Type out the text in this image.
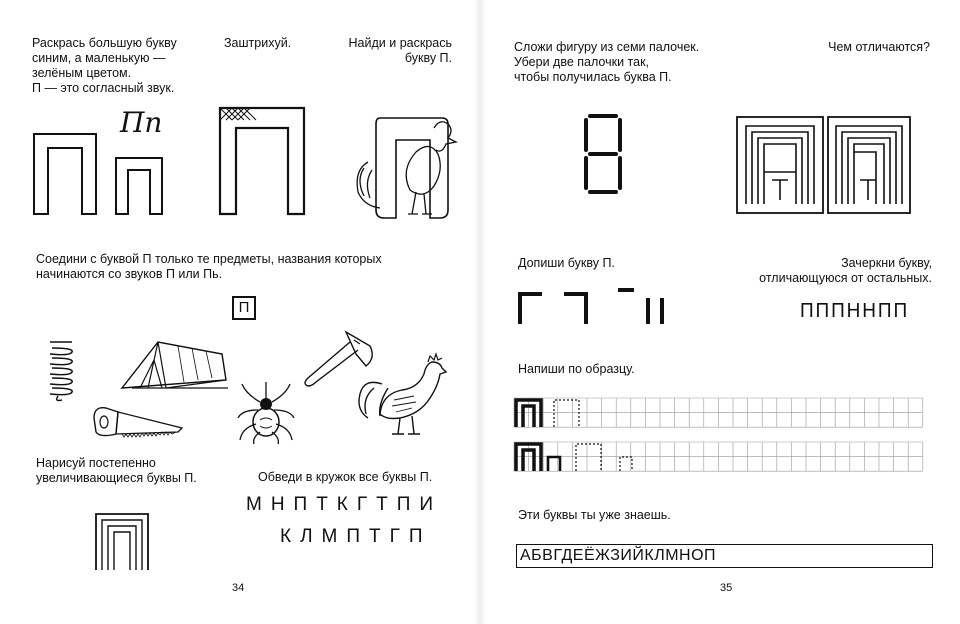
Раскрась большую букву
синим, а маленькую —
зелёным цветом.
П — это согласный звук.
Заштрихуй.	Найди и раскрась
букву П.
Пп
Соедини с буквой П только те предметы, названия которых
начинаются со звуков П или Пь.
П
Нарисуй постепенно
увеличивающиеся буквы П.	Обведи в кружок все буквы П.
МНПТКГТПИ
КЛМПТГП
34
Сложи фигуру из семи палочек.
Убери две палочки так,
чтобы получилась буква П.
Чем отличаются?
Допиши букву П.	Зачеркни букву,
отличающуюся от остальных.
ПППННПП
Напиши по образцу.
Эти буквы ты уже знаешь.
АБВГДЕЁЖЗИЙКЛМНОП
35
